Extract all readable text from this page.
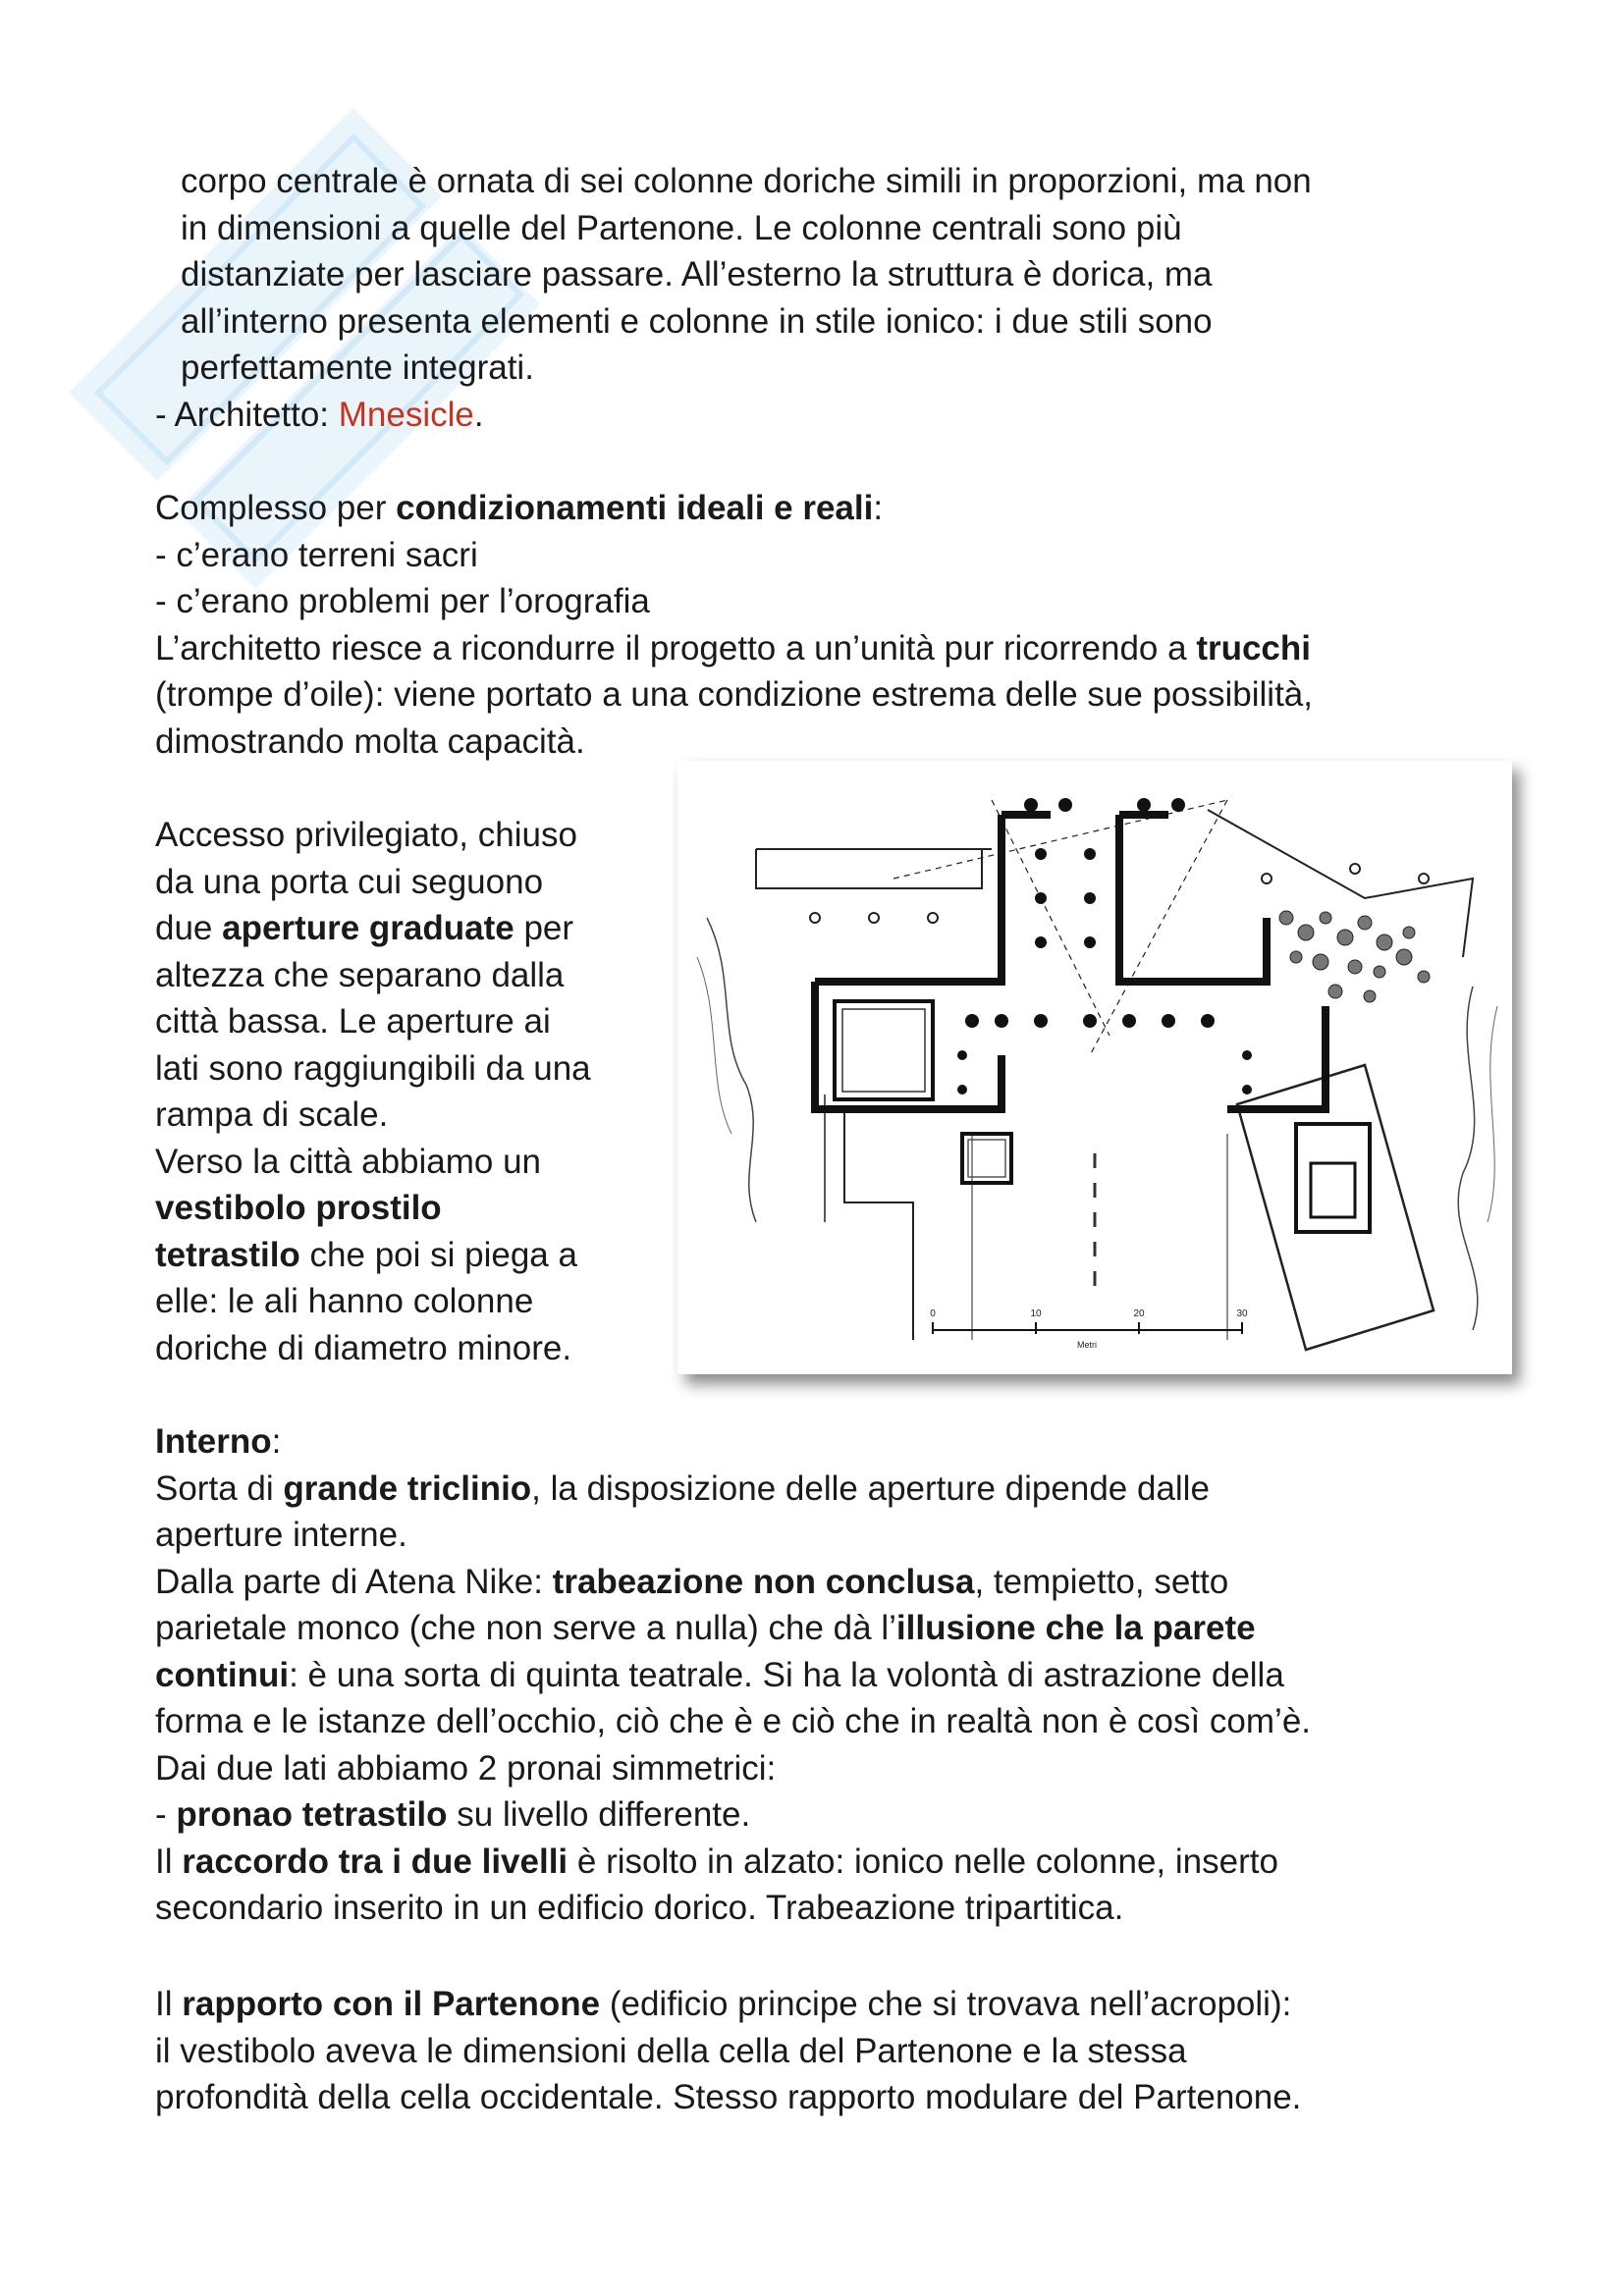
corpo centrale è ornata di sei colonne doriche simili in proporzioni, ma non
in dimensioni a quelle del Partenone. Le colonne centrali sono più
distanziate per lasciare passare. All’esterno la struttura è dorica, ma
all’interno presenta elementi e colonne in stile ionico: i due stili sono
perfettamente integrati.
- Architetto: Mnesicle.
Complesso per condizionamenti ideali e reali:
- c’erano terreni sacri
- c’erano problemi per l’orografia
L’architetto riesce a ricondurre il progetto a un’unità pur ricorrendo a trucchi
(trompe d’oile): viene portato a una condizione estrema delle sue possibilità,
dimostrando molta capacità.
Accesso privilegiato, chiuso
da una porta cui seguono
due aperture graduate per
altezza che separano dalla
città bassa. Le aperture ai
lati sono raggiungibili da una
rampa di scale.
Verso la città abbiamo un
vestibolo prostilo
tetrastilo che poi si piega a
elle: le ali hanno colonne
doriche di diametro minore.
0	10	20	30
Metri
Interno:
Sorta di grande triclinio, la disposizione delle aperture dipende dalle
aperture interne.
Dalla parte di Atena Nike: trabeazione non conclusa, tempietto, setto
parietale monco (che non serve a nulla) che dà l’illusione che la parete
continui: è una sorta di quinta teatrale. Si ha la volontà di astrazione della
forma e le istanze dell’occhio, ciò che è e ciò che in realtà non è così com’è.
Dai due lati abbiamo 2 pronai simmetrici:
- pronao tetrastilo su livello differente.
Il raccordo tra i due livelli è risolto in alzato: ionico nelle colonne, inserto
secondario inserito in un edificio dorico. Trabeazione tripartitica.
Il rapporto con il Partenone (edificio principe che si trovava nell’acropoli):
il vestibolo aveva le dimensioni della cella del Partenone e la stessa
profondità della cella occidentale. Stesso rapporto modulare del Partenone.
